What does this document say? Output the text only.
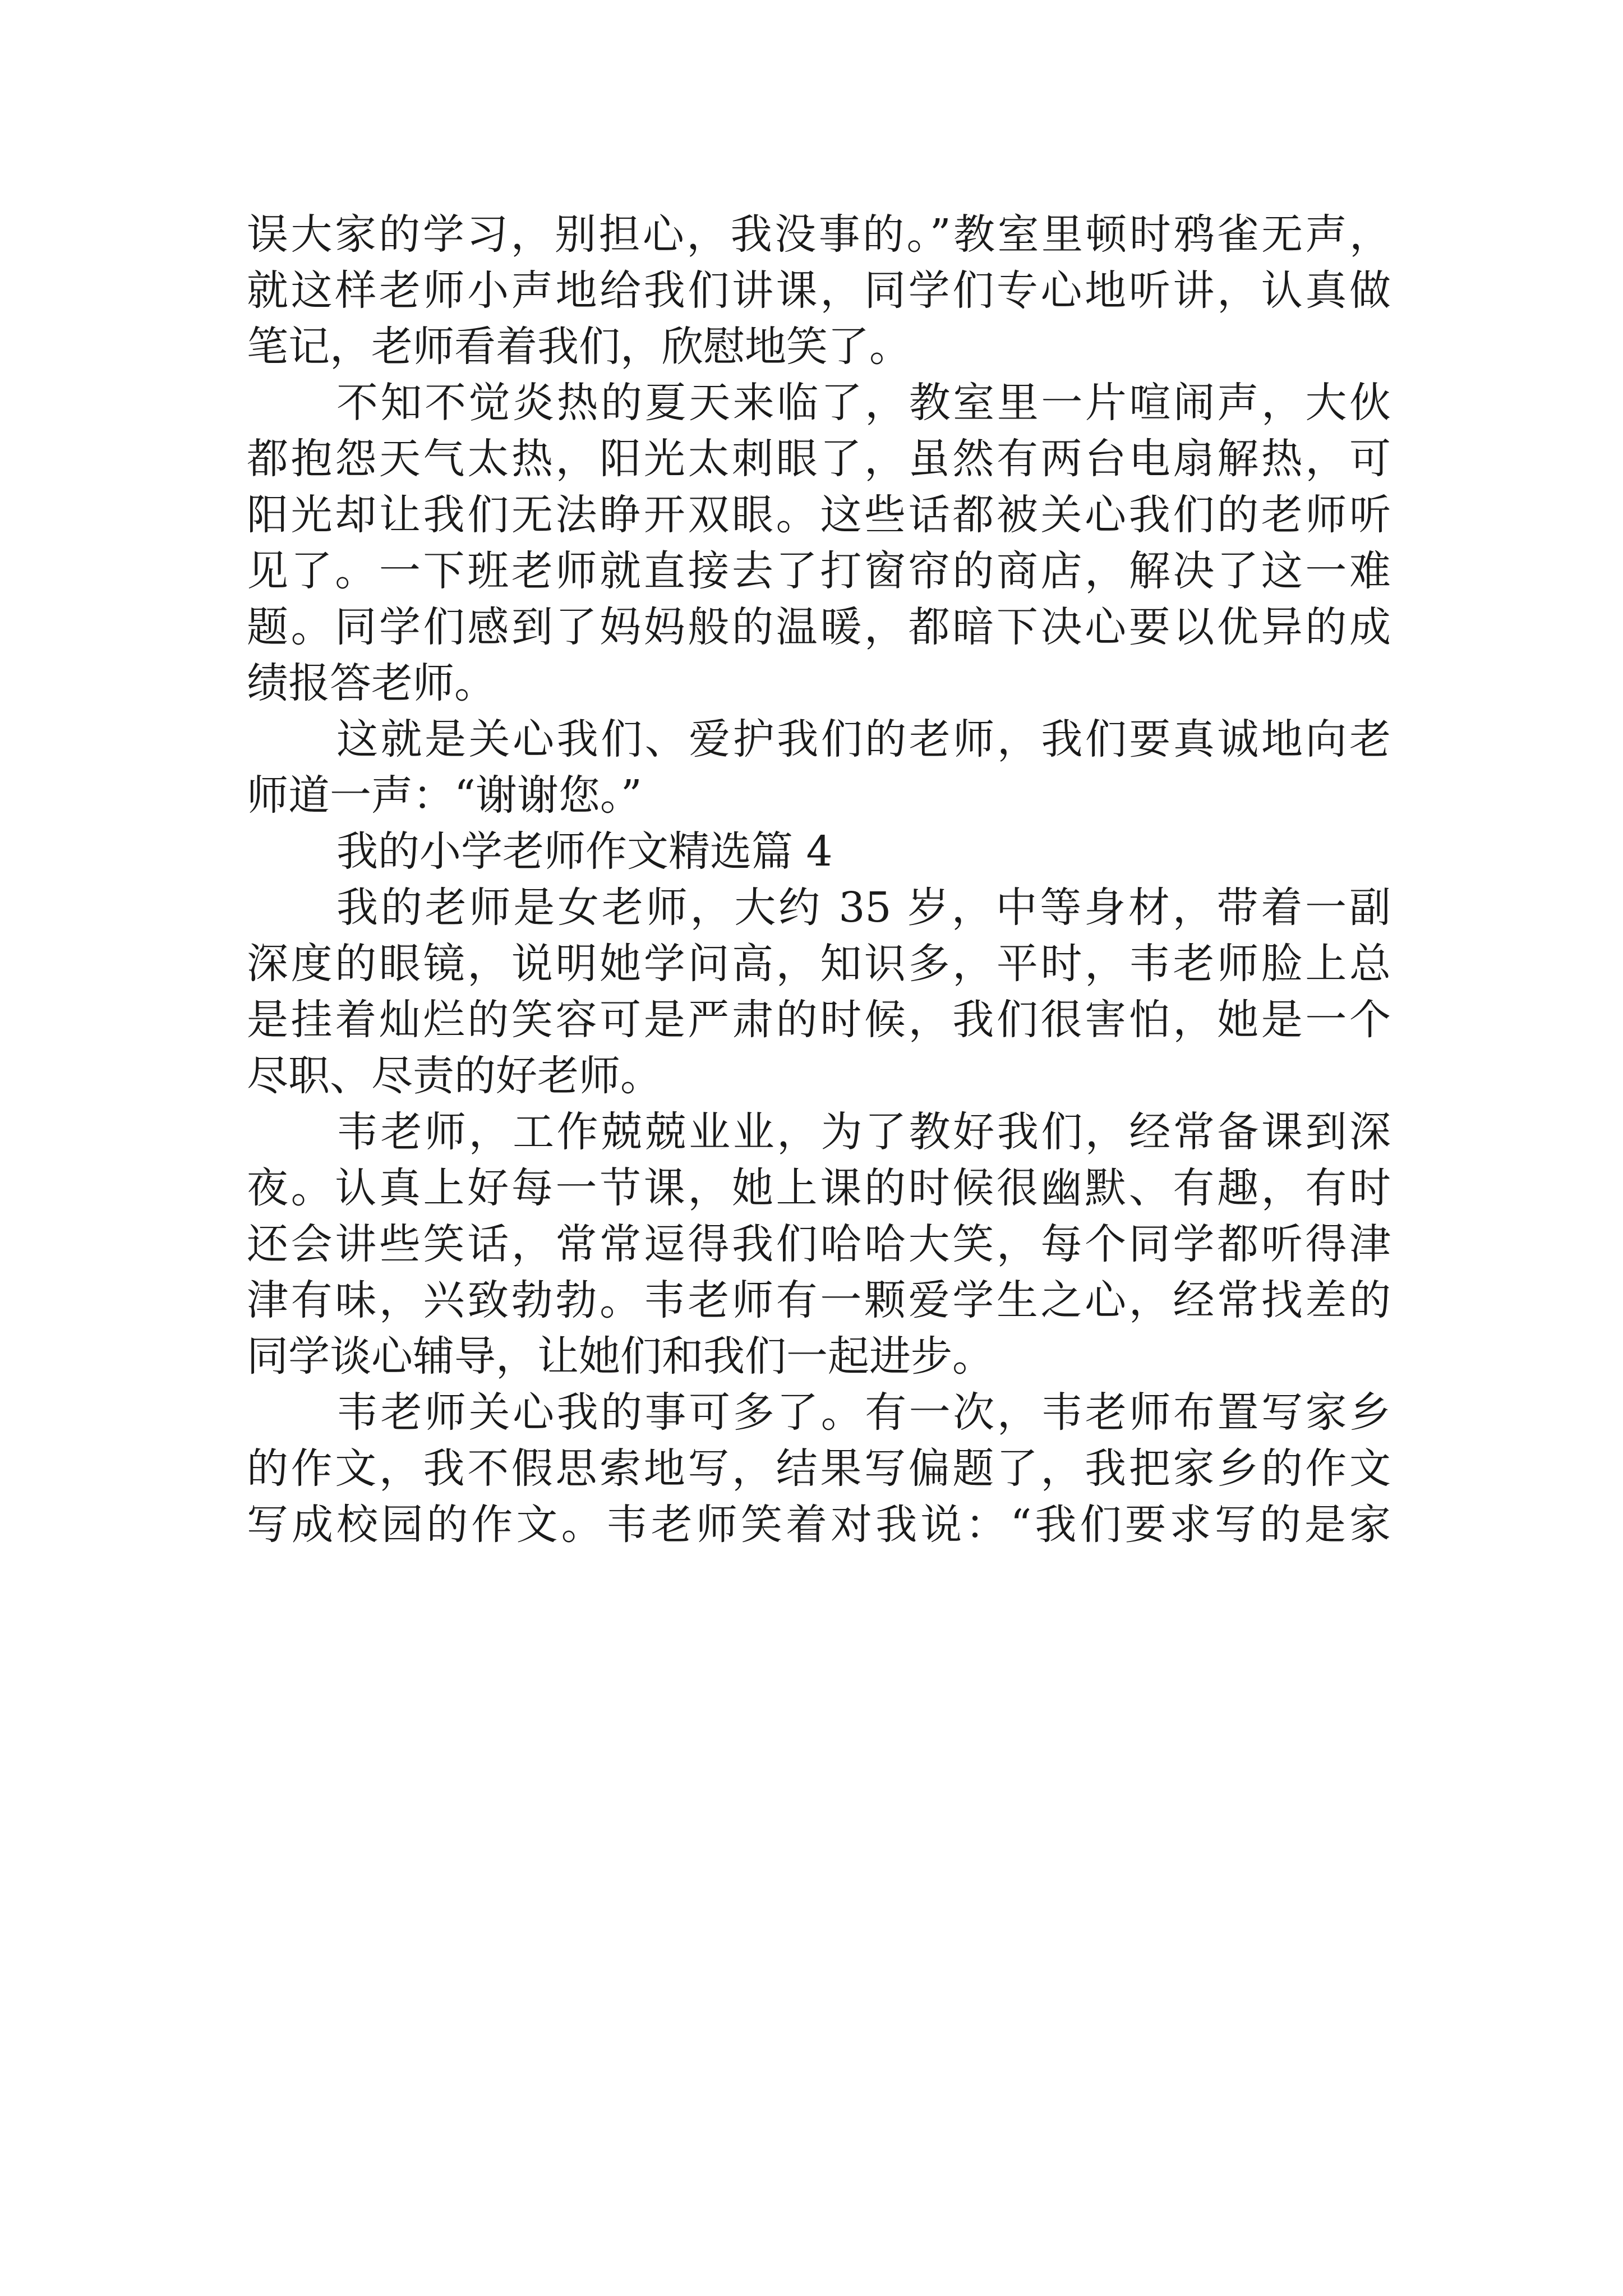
误大家的学习，别担心，我没事的。”教室里顿时鸦雀无声，
就这样老师小声地给我们讲课，同学们专心地听讲，认真做
笔记，老师看着我们，欣慰地笑了。
不知不觉炎热的夏天来临了，教室里一片喧闹声，大伙
都抱怨天气太热，阳光太刺眼了，虽然有两台电扇解热，可
阳光却让我们无法睁开双眼。这些话都被关心我们的老师听
见了。一下班老师就直接去了打窗帘的商店，解决了这一难
题。同学们感到了妈妈般的温暖，都暗下决心要以优异的成
绩报答老师。
这就是关心我们、爱护我们的老师，我们要真诚地向老
师道一声：“谢谢您。”
我的小学老师作文精选篇 4
我的老师是女老师，大约 35 岁，中等身材，带着一副
深度的眼镜，说明她学问高，知识多，平时，韦老师脸上总
是挂着灿烂的笑容可是严肃的时候，我们很害怕，她是一个
尽职、尽责的好老师。
韦老师，工作兢兢业业，为了教好我们，经常备课到深
夜。认真上好每一节课，她上课的时候很幽默、有趣，有时
还会讲些笑话，常常逗得我们哈哈大笑，每个同学都听得津
津有味，兴致勃勃。韦老师有一颗爱学生之心，经常找差的
同学谈心辅导，让她们和我们一起进步。
韦老师关心我的事可多了。有一次，韦老师布置写家乡
的作文，我不假思索地写，结果写偏题了，我把家乡的作文
写成校园的作文。韦老师笑着对我说：“我们要求写的是家
